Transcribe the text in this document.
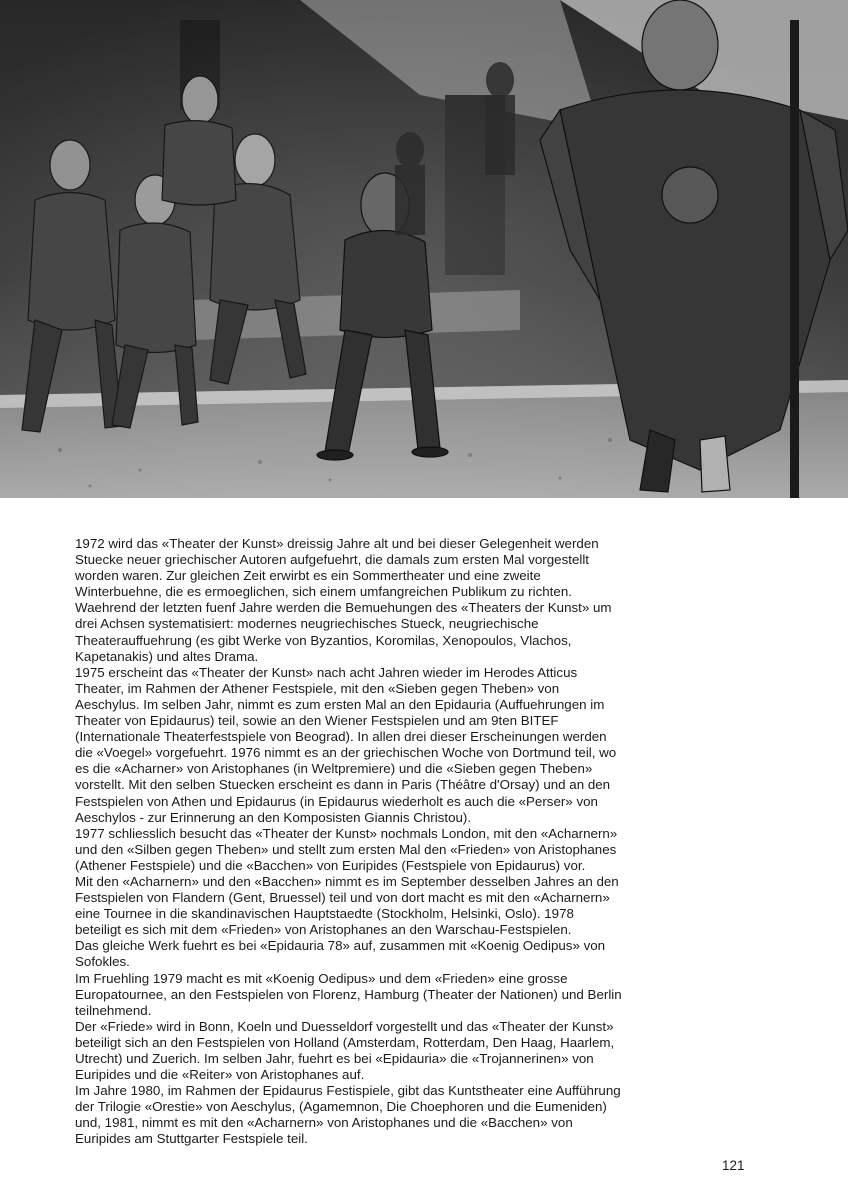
1972 wird das «Theater der Kunst» dreissig Jahre alt und bei dieser Gelegenheit werden
Stuecke neuer griechischer Autoren aufgefuehrt, die damals zum ersten Mal vorgestellt
worden waren. Zur gleichen Zeit erwirbt es ein Sommertheater und eine zweite
Winterbuehne, die es ermoeglichen, sich einem umfangreichen Publikum zu richten.
Waehrend der letzten fuenf Jahre werden die Bemuehungen des «Theaters der Kunst» um
drei Achsen systematisiert: modernes neugriechisches Stueck, neugriechische
Theaterauffuehrung (es gibt Werke von Byzantios, Koromilas, Xenopoulos, Vlachos,
Kapetanakis) und altes Drama.
1975 erscheint das «Theater der Kunst» nach acht Jahren wieder im Herodes Atticus
Theater, im Rahmen der Athener Festspiele, mit den «Sieben gegen Theben» von
Aeschylus. Im selben Jahr, nimmt es zum ersten Mal an den Epidauria (Auffuehrungen im
Theater von Epidaurus) teil, sowie an den Wiener Festspielen und am 9ten BITEF
(Internationale Theaterfestspiele von Beograd). In allen drei dieser Erscheinungen werden
die «Voegel» vorgefuehrt. 1976 nimmt es an der griechischen Woche von Dortmund teil, wo
es die «Acharner» von Aristophanes (in Weltpremiere) und die «Sieben gegen Theben»
vorstellt. Mit den selben Stuecken erscheint es dann in Paris (Théâtre d'Orsay) und an den
Festspielen von Athen und Epidaurus (in Epidaurus wiederholt es auch die «Perser» von
Aeschylos - zur Erinnerung an den Komposisten Giannis Christou).
1977 schliesslich besucht das «Theater der Kunst» nochmals London, mit den «Acharnern»
und den «Silben gegen Theben» und stellt zum ersten Mal den «Frieden» von Aristophanes
(Athener Festspiele) und die «Bacchen» von Euripides (Festspiele von Epidaurus) vor.
Mit den «Acharnern» und den «Bacchen» nimmt es im September desselben Jahres an den
Festspielen von Flandern (Gent, Bruessel) teil und von dort macht es mit den «Acharnern»
eine Tournee in die skandinavischen Hauptstaedte (Stockholm, Helsinki, Oslo). 1978
beteiligt es sich mit dem «Frieden» von Aristophanes an den Warschau-Festspielen.
Das gleiche Werk fuehrt es bei «Epidauria 78» auf, zusammen mit «Koenig Oedipus» von
Sofokles.
Im Fruehling 1979 macht es mit «Koenig Oedipus» und dem «Frieden» eine grosse
Europatournee, an den Festspielen von Florenz, Hamburg (Theater der Nationen) und Berlin
teilnehmend.
Der «Friede» wird in Bonn, Koeln und Duesseldorf vorgestellt und das «Theater der Kunst»
beteiligt sich an den Festspielen von Holland (Amsterdam, Rotterdam, Den Haag, Haarlem,
Utrecht) und Zuerich. Im selben Jahr, fuehrt es bei «Epidauria» die «Trojannerinen» von
Euripides und die «Reiter» von Aristophanes auf.
Im Jahre 1980, im Rahmen der Epidaurus Festispiele, gibt das Kuntstheater eine Aufführung
der Trilogie «Orestie» von Aeschylus, (Agamemnon, Die Choephoren und die Eumeniden)
und, 1981, nimmt es mit den «Acharnern» von Aristophanes und die «Bacchen» von
Euripides am Stuttgarter Festspiele teil.
121
